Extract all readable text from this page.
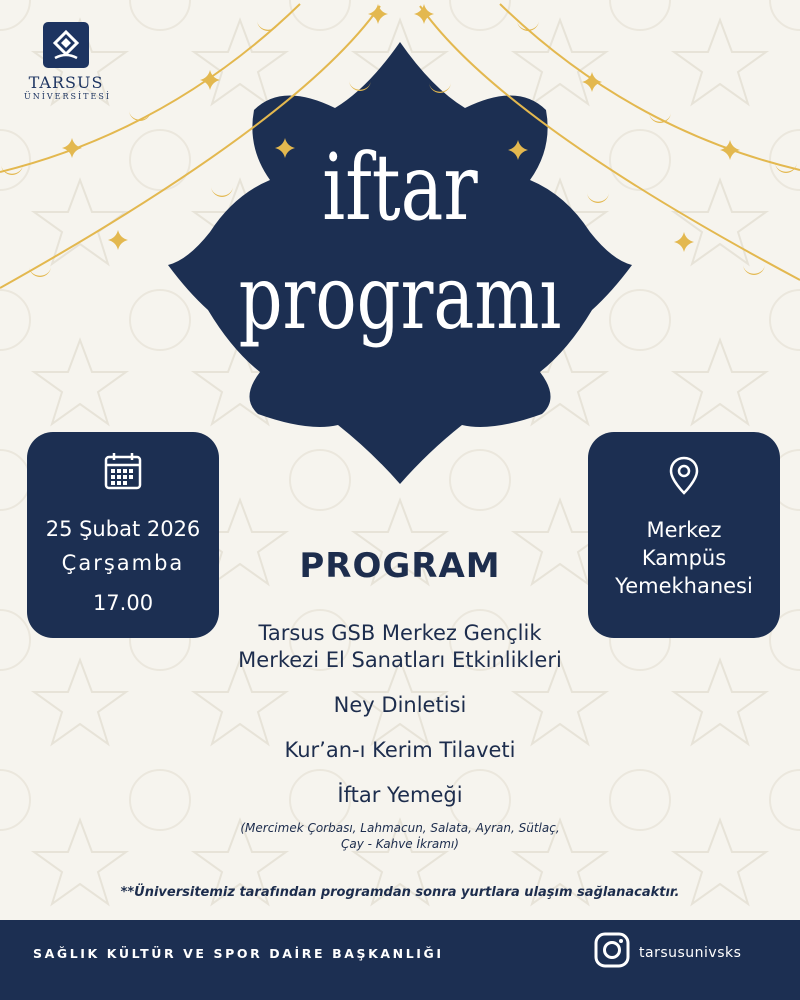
TARSUS
ÜNİVERSİTESİ
iftar
programı
25 Şubat 2026
Çarşamba
17.00
Merkez
Kampüs
Yemekhanesi
PROGRAM
Tarsus GSB Merkez Gençlik
Merkezi El Sanatları Etkinlikleri
Ney Dinletisi
Kur’an-ı Kerim Tilaveti
İftar Yemeği
(Mercimek Çorbası, Lahmacun, Salata, Ayran, Sütlaç,
Çay - Kahve İkramı)
**Üniversitemiz tarafından programdan sonra yurtlara ulaşım sağlanacaktır.
SAĞLIK KÜLTÜR VE SPOR DAİRE BAŞKANLIĞI	tarsusunivsks
